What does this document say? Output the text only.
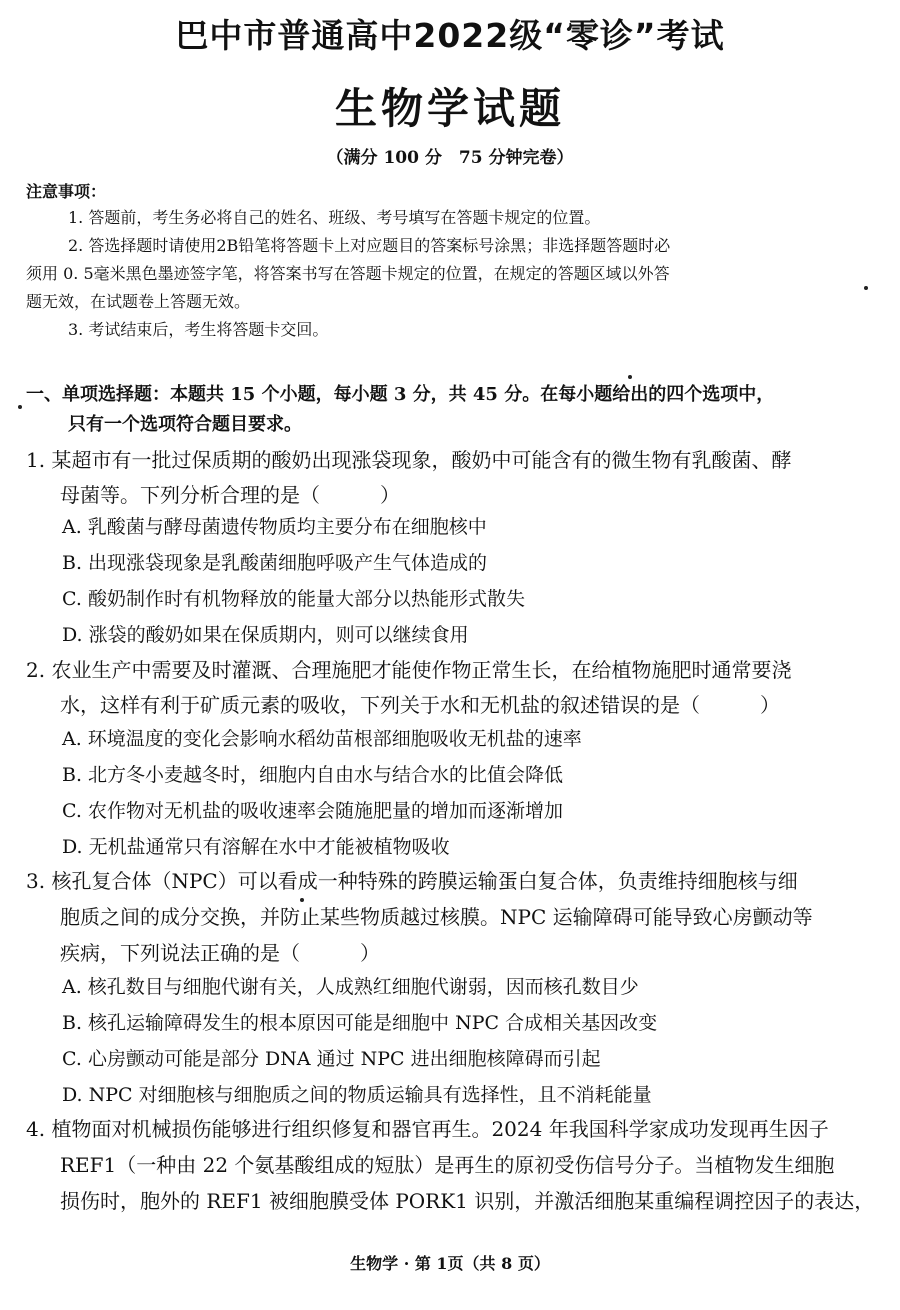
巴中市普通高中2022级“零诊”考试
生物学试题
（满分 100 分　75 分钟完卷）
注意事项：
1. 答题前，考生务必将自己的姓名、班级、考号填写在答题卡规定的位置。
2. 答选择题时请使用2B铅笔将答题卡上对应题目的答案标号涂黑；非选择题答题时必
须用 0. 5毫米黑色墨迹签字笔，将答案书写在答题卡规定的位置，在规定的答题区域以外答
题无效，在试题卷上答题无效。
3. 考试结束后，考生将答题卡交回。
一、单项选择题：本题共 15 个小题，每小题 3 分，共 45 分。在每小题给出的四个选项中，
只有一个选项符合题目要求。
1. 某超市有一批过保质期的酸奶出现涨袋现象，酸奶中可能含有的微生物有乳酸菌、酵
母菌等。下列分析合理的是（　　　）
A. 乳酸菌与酵母菌遗传物质均主要分布在细胞核中
B. 出现涨袋现象是乳酸菌细胞呼吸产生气体造成的
C. 酸奶制作时有机物释放的能量大部分以热能形式散失
D. 涨袋的酸奶如果在保质期内，则可以继续食用
2. 农业生产中需要及时灌溉、合理施肥才能使作物正常生长，在给植物施肥时通常要浇
水，这样有利于矿质元素的吸收，下列关于水和无机盐的叙述错误的是（　　　）
A. 环境温度的变化会影响水稻幼苗根部细胞吸收无机盐的速率
B. 北方冬小麦越冬时，细胞内自由水与结合水的比值会降低
C. 农作物对无机盐的吸收速率会随施肥量的增加而逐渐增加
D. 无机盐通常只有溶解在水中才能被植物吸收
3. 核孔复合体（NPC）可以看成一种特殊的跨膜运输蛋白复合体，负责维持细胞核与细
胞质之间的成分交换，并防止某些物质越过核膜。NPC 运输障碍可能导致心房颤动等
疾病，下列说法正确的是（　　　）
A. 核孔数目与细胞代谢有关，人成熟红细胞代谢弱，因而核孔数目少
B. 核孔运输障碍发生的根本原因可能是细胞中 NPC 合成相关基因改变
C. 心房颤动可能是部分 DNA 通过 NPC 进出细胞核障碍而引起
D. NPC 对细胞核与细胞质之间的物质运输具有选择性，且不消耗能量
4. 植物面对机械损伤能够进行组织修复和器官再生。2024 年我国科学家成功发现再生因子
REF1（一种由 22 个氨基酸组成的短肽）是再生的原初受伤信号分子。当植物发生细胞
损伤时，胞外的 REF1 被细胞膜受体 PORK1 识别，并激活细胞某重编程调控因子的表达，
生物学 · 第 1页（共 8 页）
